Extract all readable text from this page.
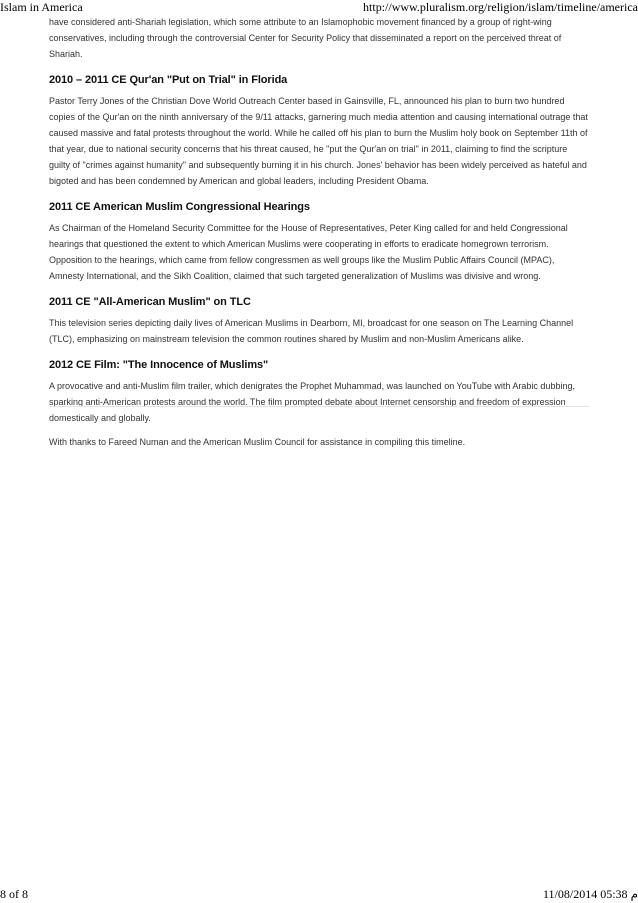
Islam in America	http://www.pluralism.org/religion/islam/timeline/america

have considered anti-Shariah legislation, which some attribute to an Islamophobic movement financed by a group of right-wing conservatives, including through the controversial Center for Security Policy that disseminated a report on the perceived threat of Shariah.

2010 – 2011 CE Qur'an "Put on Trial" in Florida

Pastor Terry Jones of the Christian Dove World Outreach Center based in Gainsville, FL, announced his plan to burn two hundred copies of the Qur'an on the ninth anniversary of the 9/11 attacks, garnering much media attention and causing international outrage that caused massive and fatal protests throughout the world. While he called off his plan to burn the Muslim holy book on September 11th of that year, due to national security concerns that his threat caused, he "put the Qur'an on trial" in 2011, claiming to find the scripture guilty of "crimes against humanity" and subsequently burning it in his church. Jones' behavior has been widely perceived as hateful and bigoted and has been condemned by American and global leaders, including President Obama.

2011 CE American Muslim Congressional Hearings

As Chairman of the Homeland Security Committee for the House of Representatives, Peter King called for and held Congressional hearings that questioned the extent to which American Muslims were cooperating in efforts to eradicate homegrown terrorism. Opposition to the hearings, which came from fellow congressmen as well groups like the Muslim Public Affairs Council (MPAC), Amnesty International, and the Sikh Coalition, claimed that such targeted generalization of Muslims was divisive and wrong.

2011 CE "All-American Muslim" on TLC

This television series depicting daily lives of American Muslims in Dearborn, MI, broadcast for one season on The Learning Channel (TLC), emphasizing on mainstream television the common routines shared by Muslim and non-Muslim Americans alike.

2012 CE Film: "The Innocence of Muslims"

A provocative and anti-Muslim film trailer, which denigrates the Prophet Muhammad, was launched on YouTube with Arabic dubbing, sparking anti-American protests around the world. The film prompted debate about Internet censorship and freedom of expression domestically and globally.

With thanks to Fareed Numan and the American Muslim Council for assistance in compiling this timeline.

8 of 8	11/08/2014 05:38 م
